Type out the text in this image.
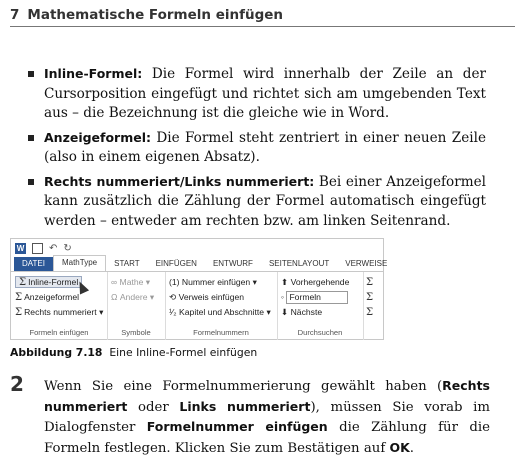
7 Mathematische Formeln einfügen
Inline-Formel: Die Formel wird innerhalb der Zeile an der Cursorposition eingefügt und richtet sich am umgebenden Text aus – die Bezeichnung ist die gleiche wie in Word.
Anzeigeformel: Die Formel steht zentriert in einer neuen Zeile (also in einem eigenen Absatz).
Rechts nummeriert/Links nummeriert: Bei einer Anzeigeformel kann zusätzlich die Zählung der Formel automatisch eingefügt werden – entweder am rechten bzw. am linken Seitenrand.
W ↶ ↻
DATEI	MathType	START	EINFÜGEN	ENTWURF	SEITENLAYOUT	VERWEISE
Σ Inline-Formel
Σ Anzeigeformel
Σ Rechts nummeriert ▾
Formeln einfügen
∞ Mathe ▾
Ω Andere ▾
Symbole
(1) Nummer einfügen ▾
⟲ Verweis einfügen
¹⁄₂ Kapitel und Abschnitte ▾
Formelnummern
⬆ Vorhergehende
◦ Formeln
⬇ Nächste
Durchsuchen
Σ
Σ
Σ
Abbildung 7.18 Eine Inline-Formel einfügen
2 Wenn Sie eine Formelnummerierung gewählt haben (Rechts nummeriert oder Links nummeriert), müssen Sie vorab im Dialogfenster Formelnummer einfügen die Zählung für die Formeln festlegen. Klicken Sie zum Bestätigen auf OK.
